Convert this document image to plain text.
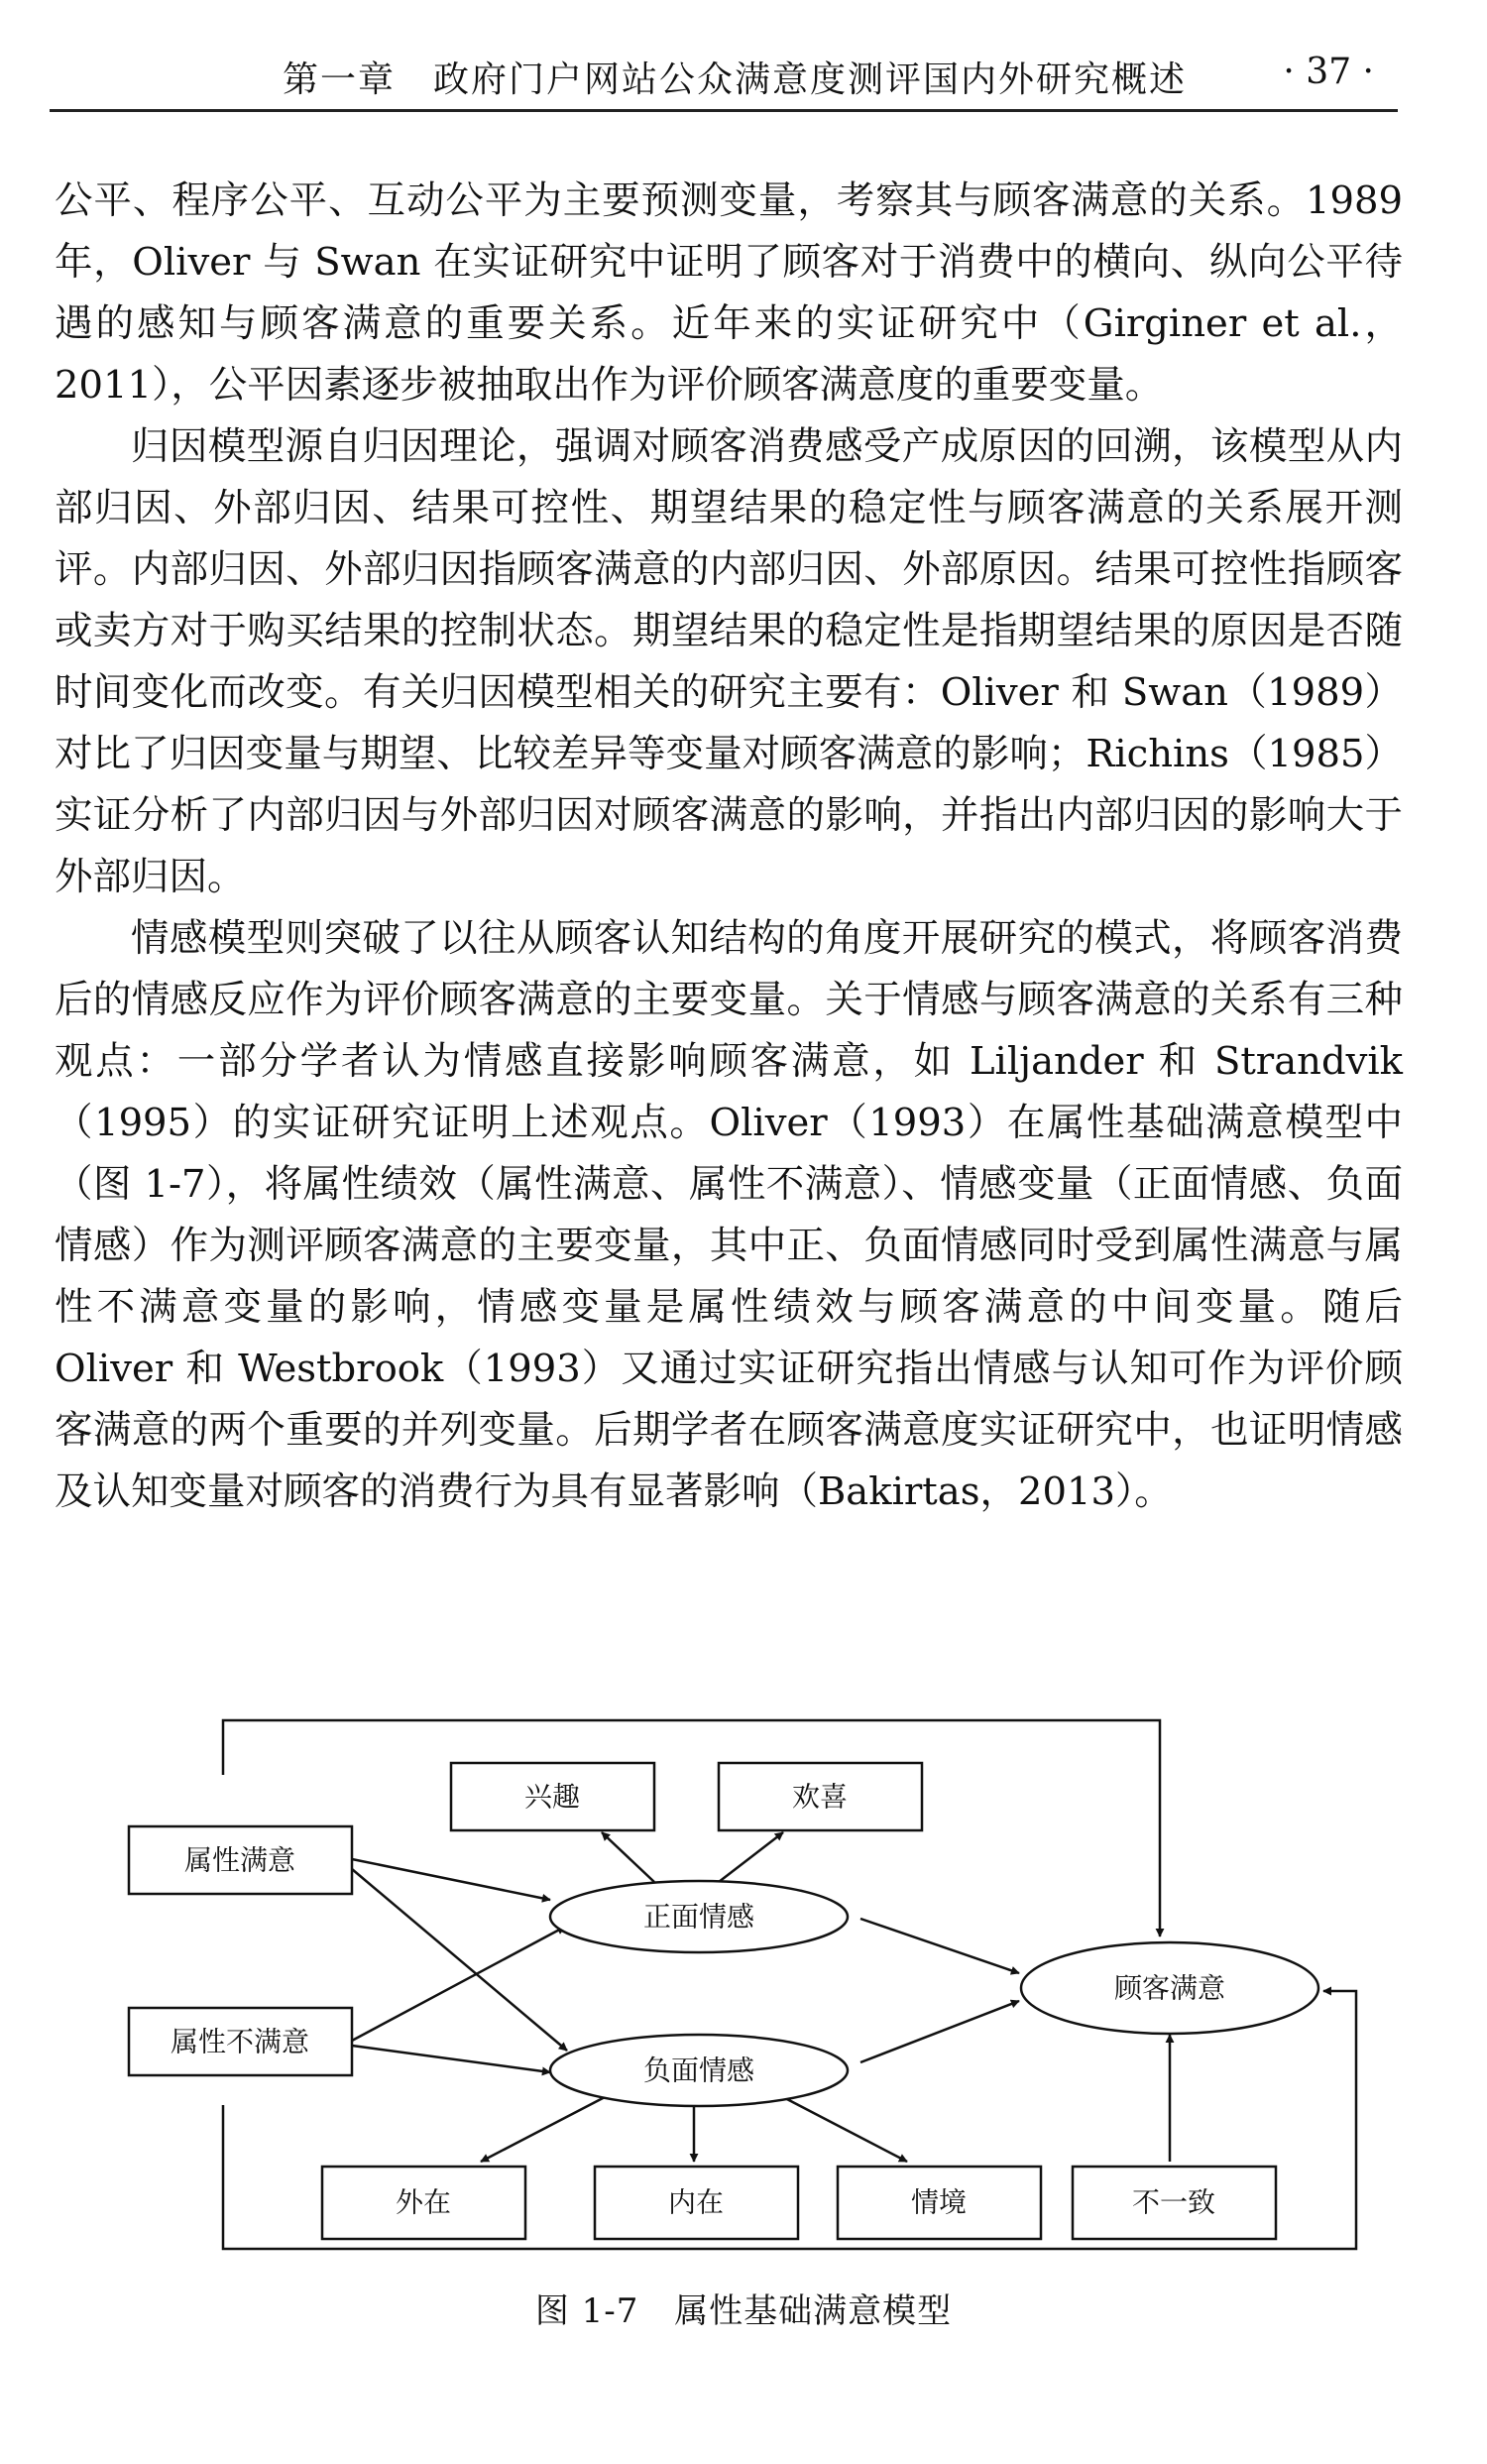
第一章　政府门户网站公众满意度测评国内外研究概述	· 37 ·

公平、程序公平、互动公平为主要预测变量，考察其与顾客满意的关系。1989年，Oliver 与 Swan 在实证研究中证明了顾客对于消费中的横向、纵向公平待遇的感知与顾客满意的重要关系。近年来的实证研究中（Girginer et al.，2011），公平因素逐步被抽取出作为评价顾客满意度的重要变量。

归因模型源自归因理论，强调对顾客消费感受产成原因的回溯，该模型从内部归因、外部归因、结果可控性、期望结果的稳定性与顾客满意的关系展开测评。内部归因、外部归因指顾客满意的内部归因、外部原因。结果可控性指顾客或卖方对于购买结果的控制状态。期望结果的稳定性是指期望结果的原因是否随时间变化而改变。有关归因模型相关的研究主要有：Oliver 和 Swan（1989）对比了归因变量与期望、比较差异等变量对顾客满意的影响；Richins（1985）实证分析了内部归因与外部归因对顾客满意的影响，并指出内部归因的影响大于外部归因。

情感模型则突破了以往从顾客认知结构的角度开展研究的模式，将顾客消费后的情感反应作为评价顾客满意的主要变量。关于情感与顾客满意的关系有三种观点：一部分学者认为情感直接影响顾客满意，如 Liljander 和 Strandvik（1995）的实证研究证明上述观点。Oliver（1993）在属性基础满意模型中（图 1-7），将属性绩效（属性满意、属性不满意）、情感变量（正面情感、负面情感）作为测评顾客满意的主要变量，其中正、负面情感同时受到属性满意与属性不满意变量的影响，情感变量是属性绩效与顾客满意的中间变量。随后 Oliver 和 Westbrook（1993）又通过实证研究指出情感与认知可作为评价顾客满意的两个重要的并列变量。后期学者在顾客满意度实证研究中，也证明情感及认知变量对顾客的消费行为具有显著影响（Bakirtas，2013）。

兴趣	欢喜
属性满意
正面情感
顾客满意
属性不满意
负面情感
外在	内在	情境	不一致
图 1-7 属性基础满意模型
